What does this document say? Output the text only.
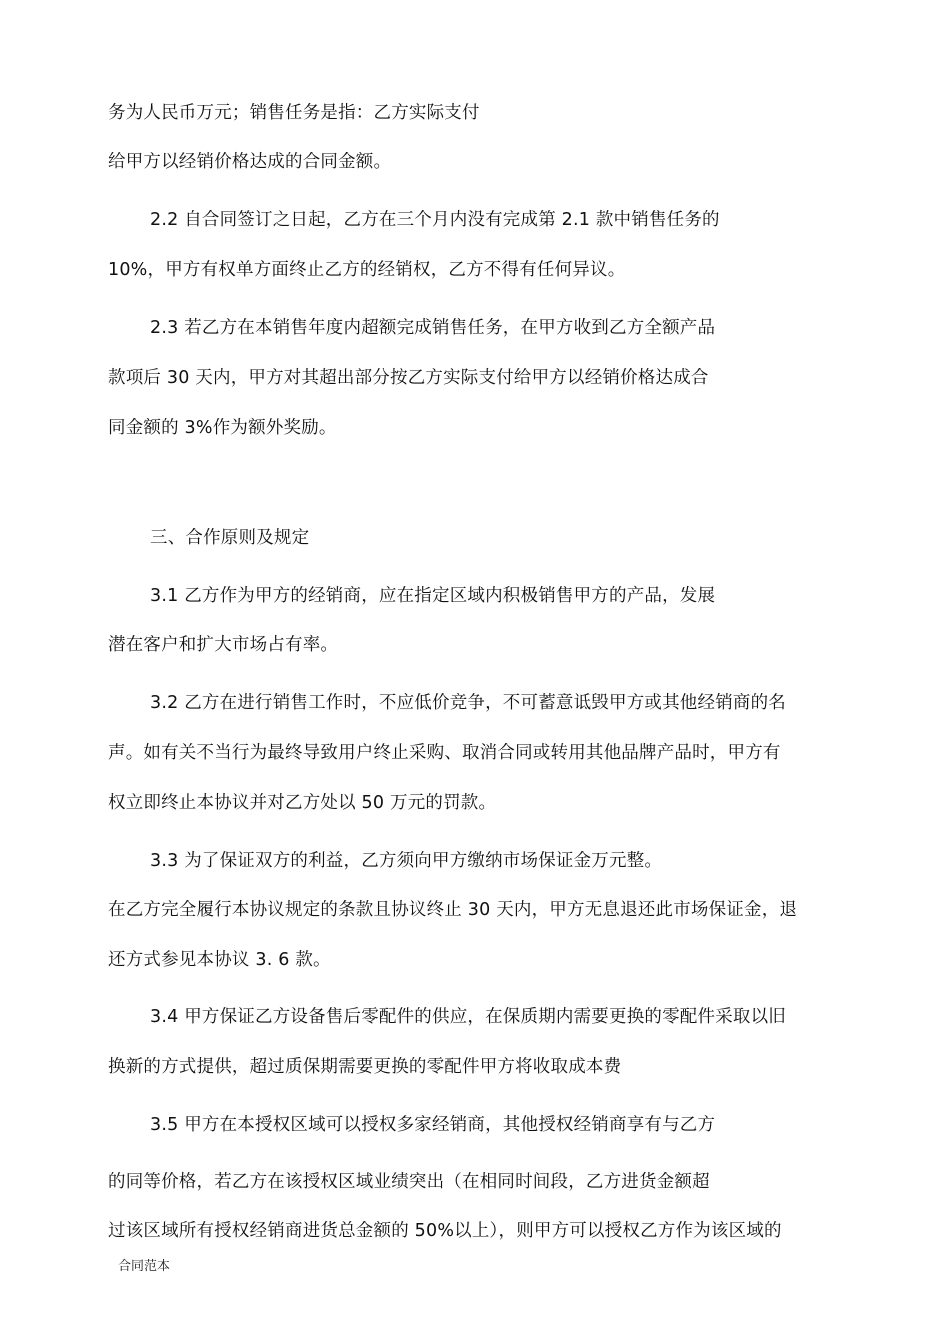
务为人民币万元；销售任务是指：乙方实际支付
给甲方以经销价格达成的合同金额。
2.2 自合同签订之日起，乙方在三个月内没有完成第 2.1 款中销售任务的
10%，甲方有权单方面终止乙方的经销权，乙方不得有任何异议。
2.3 若乙方在本销售年度内超额完成销售任务，在甲方收到乙方全额产品
款项后 30 天内，甲方对其超出部分按乙方实际支付给甲方以经销价格达成合
同金额的 3%作为额外奖励。
三、合作原则及规定
3.1 乙方作为甲方的经销商，应在指定区域内积极销售甲方的产品，发展
潜在客户和扩大市场占有率。
3.2 乙方在进行销售工作时，不应低价竞争，不可蓄意诋毁甲方或其他经销商的名
声。如有关不当行为最终导致用户终止采购、取消合同或转用其他品牌产品时，甲方有
权立即终止本协议并对乙方处以 50 万元的罚款。
3.3 为了保证双方的利益，乙方须向甲方缴纳市场保证金万元整。
在乙方完全履行本协议规定的条款且协议终止 30 天内，甲方无息退还此市场保证金，退
还方式参见本协议 3. 6 款。
3.4 甲方保证乙方设备售后零配件的供应，在保质期内需要更换的零配件采取以旧
换新的方式提供，超过质保期需要更换的零配件甲方将收取成本费
3.5 甲方在本授权区域可以授权多家经销商，其他授权经销商享有与乙方
的同等价格，若乙方在该授权区域业绩突出（在相同时间段，乙方进货金额超
过该区域所有授权经销商进货总金额的 50%以上），则甲方可以授权乙方作为该区域的
合同范本
